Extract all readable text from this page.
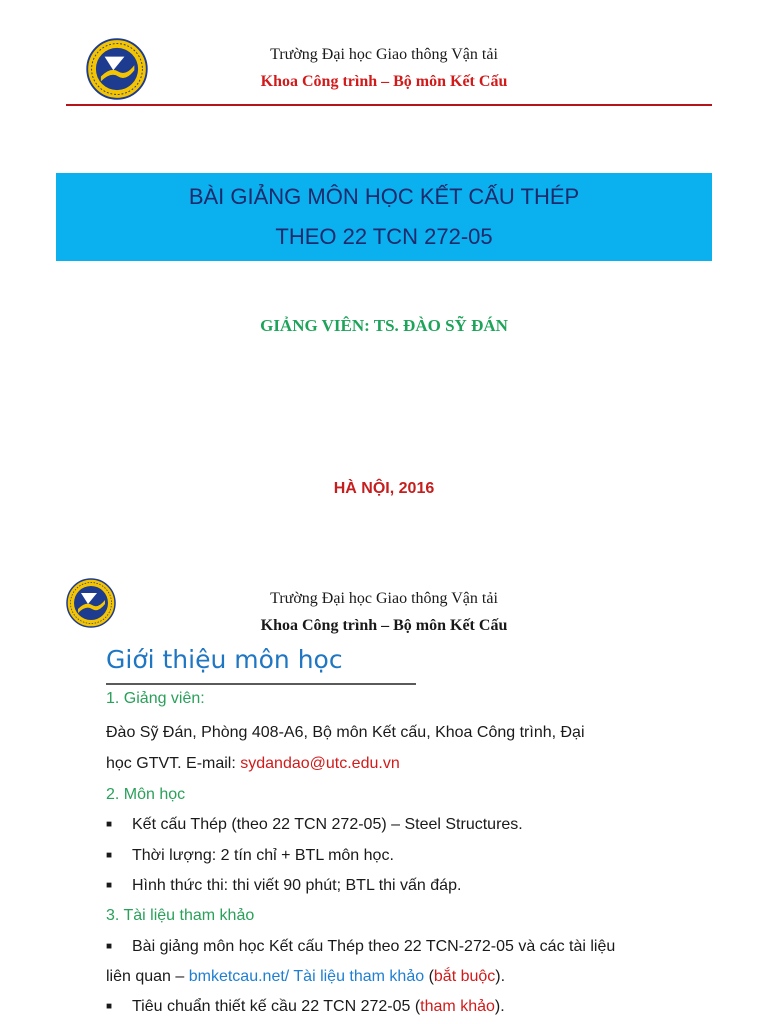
Trường Đại học Giao thông Vận tải
Khoa Công trình – Bộ môn Kết Cấu
BÀI GIẢNG MÔN HỌC KẾT CẤU THÉP
THEO 22 TCN 272-05
GIẢNG VIÊN: TS. ĐÀO SỸ ĐÁN
HÀ NỘI, 2016
Trường Đại học Giao thông Vận tải
Khoa Công trình – Bộ môn Kết Cấu
Giới thiệu môn học
1. Giảng viên:
Đào Sỹ Đán, Phòng 408-A6, Bộ môn Kết cấu, Khoa Công trình, Đại
học GTVT. E-mail: sydandao@utc.edu.vn
2. Môn học
■ Kết cấu Thép (theo 22 TCN 272-05) – Steel Structures.
■ Thời lượng: 2 tín chỉ + BTL môn học.
■ Hình thức thi: thi viết 90 phút; BTL thi vấn đáp.
3. Tài liệu tham khảo
■ Bài giảng môn học Kết cấu Thép theo 22 TCN-272-05 và các tài liệu
liên quan – bmketcau.net/ Tài liệu tham khảo (bắt buộc).
■ Tiêu chuẩn thiết kế cầu 22 TCN 272-05 (tham khảo).
